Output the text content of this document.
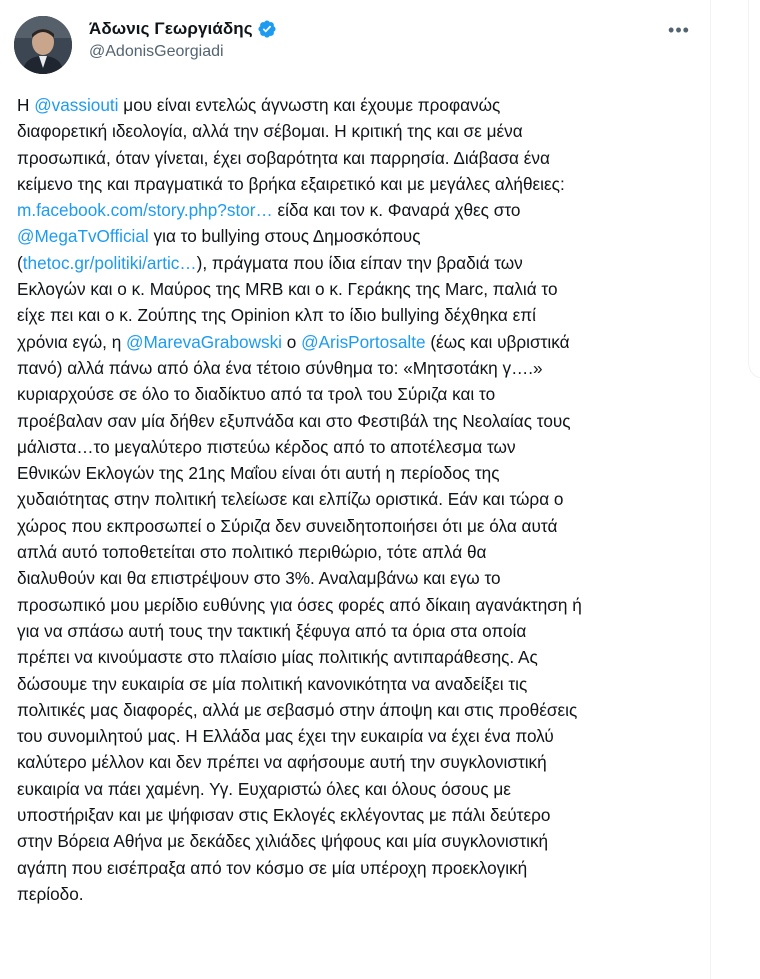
Άδωνις Γεωργιάδης
@AdonisGeorgiadi
•••
Η @vassiouti μου είναι εντελώς άγνωστη και έχουμε προφανώς
διαφορετική ιδεολογία, αλλά την σέβομαι. Η κριτική της και σε μένα
προσωπικά, όταν γίνεται, έχει σοβαρότητα και παρρησία. Διάβασα ένα
κείμενο της και πραγματικά το βρήκα εξαιρετικό και με μεγάλες αλήθειες:
m.facebook.com/story.php?stor… είδα και τον κ. Φαναρά χθες στο
@MegaTvOfficial για το bullying στους Δημοσκόπους
(thetoc.gr/politiki/artic…), πράγματα που ίδια είπαν την βραδιά των
Εκλογών και ο κ. Μαύρος της MRB και ο κ. Γεράκης της Marc, παλιά το
είχε πει και ο κ. Ζούπης της Opinion κλπ το ίδιο bullying δέχθηκα επί
χρόνια εγώ, η @MarevaGrabowski ο @ArisPortosalte (έως και υβριστικά
πανό) αλλά πάνω από όλα ένα τέτοιο σύνθημα το: «Μητσοτάκη γ….»
κυριαρχούσε σε όλο το διαδίκτυο από τα τρολ του Σύριζα και το
προέβαλαν σαν μία δήθεν εξυπνάδα και στο Φεστιβάλ της Νεολαίας τους
μάλιστα…το μεγαλύτερο πιστεύω κέρδος από το αποτέλεσμα των
Εθνικών Εκλογών της 21ης Μαΐου είναι ότι αυτή η περίοδος της
χυδαιότητας στην πολιτική τελείωσε και ελπίζω οριστικά. Εάν και τώρα ο
χώρος που εκπροσωπεί ο Σύριζα δεν συνειδητοποιήσει ότι με όλα αυτά
απλά αυτό τοποθετείται στο πολιτικό περιθώριο, τότε απλά θα
διαλυθούν και θα επιστρέψουν στο 3%. Αναλαμβάνω και εγω το
προσωπικό μου μερίδιο ευθύνης για όσες φορές από δίκαιη αγανάκτηση ή
για να σπάσω αυτή τους την τακτική ξέφυγα από τα όρια στα οποία
πρέπει να κινούμαστε στο πλαίσιο μίας πολιτικής αντιπαράθεσης. Ας
δώσουμε την ευκαιρία σε μία πολιτική κανονικότητα να αναδείξει τις
πολιτικές μας διαφορές, αλλά με σεβασμό στην άποψη και στις προθέσεις
του συνομιλητού μας. Η Ελλάδα μας έχει την ευκαιρία να έχει ένα πολύ
καλύτερο μέλλον και δεν πρέπει να αφήσουμε αυτή την συγκλονιστική
ευκαιρία να πάει χαμένη. Υγ. Ευχαριστώ όλες και όλους όσους με
υποστήριξαν και με ψήφισαν στις Εκλογές εκλέγοντας με πάλι δεύτερο
στην Βόρεια Αθήνα με δεκάδες χιλιάδες ψήφους και μία συγκλονιστική
αγάπη που εισέπραξα από τον κόσμο σε μία υπέροχη προεκλογική
περίοδο.
